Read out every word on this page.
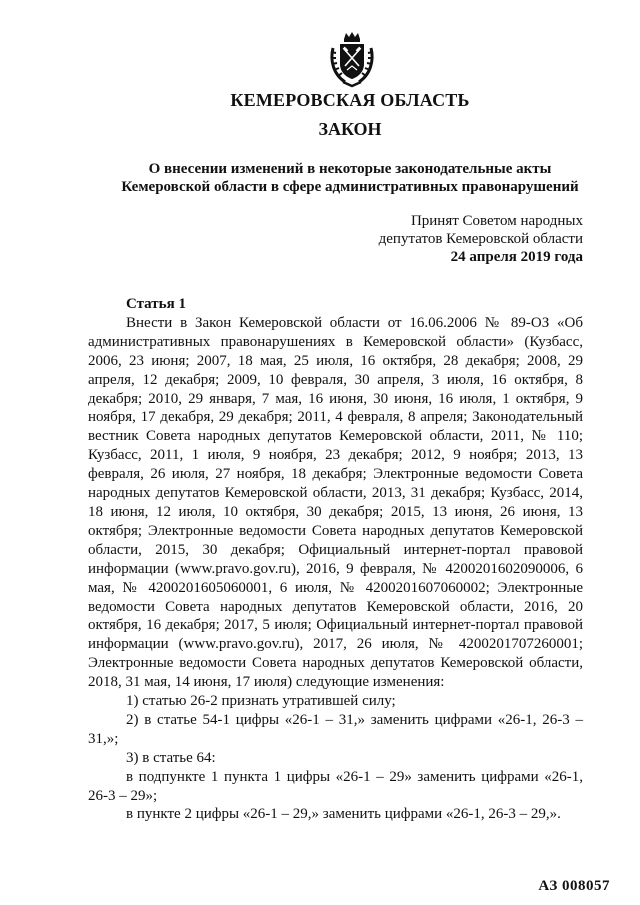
КЕМЕРОВСКАЯ ОБЛАСТЬ
ЗАКОН
О внесении изменений в некоторые законодательные акты
Кемеровской области в сфере административных правонарушений
Принят Советом народных
депутатов Кемеровской области
24 апреля 2019 года
Статья 1

Внести в Закон Кемеровской области от 16.06.2006 № 89-ОЗ «Об административных правонарушениях в Кемеровской области» (Кузбасс, 2006, 23 июня; 2007, 18 мая, 25 июля, 16 октября, 28 декабря; 2008, 29 апреля, 12 декабря; 2009, 10 февраля, 30 апреля, 3 июля, 16 октября, 8 декабря; 2010, 29 января, 7 мая, 16 июня, 30 июня, 16 июля, 1 октября, 9 ноября, 17 декабря, 29 декабря; 2011, 4 февраля, 8 апреля; Законодательный вестник Совета народных депутатов Кемеровской области, 2011, № 110; Кузбасс, 2011, 1 июля, 9 ноября, 23 декабря; 2012, 9 ноября; 2013, 13 февраля, 26 июля, 27 ноября, 18 декабря; Электронные ведомости Совета народных депутатов Кемеровской области, 2013, 31 декабря; Кузбасс, 2014, 18 июня, 12 июля, 10 октября, 30 декабря; 2015, 13 июня, 26 июня, 13 октября; Электронные ведомости Совета народных депутатов Кемеровской области, 2015, 30 декабря; Официальный интернет-портал правовой информации (www.pravo.gov.ru), 2016, 9 февраля, № 4200201602090006, 6 мая, № 4200201605060001, 6 июля, № 4200201607060002; Электронные ведомости Совета народных депутатов Кемеровской области, 2016, 20 октября, 16 декабря; 2017, 5 июля; Официальный интернет-портал правовой информации (www.pravo.gov.ru), 2017, 26 июля, № 4200201707260001; Электронные ведомости Совета народных депутатов Кемеровской области, 2018, 31 мая, 14 июня, 17 июля) следующие изменения:

1) статью 26-2 признать утратившей силу;

2) в статье 54-1 цифры «26-1 – 31,» заменить цифрами «26-1, 26-3 – 31,»;

3) в статье 64:

в подпункте 1 пункта 1 цифры «26-1 – 29» заменить цифрами «26-1, 26-3 – 29»;

в пункте 2 цифры «26-1 – 29,» заменить цифрами «26-1, 26-3 – 29,».

АЗ 008057
